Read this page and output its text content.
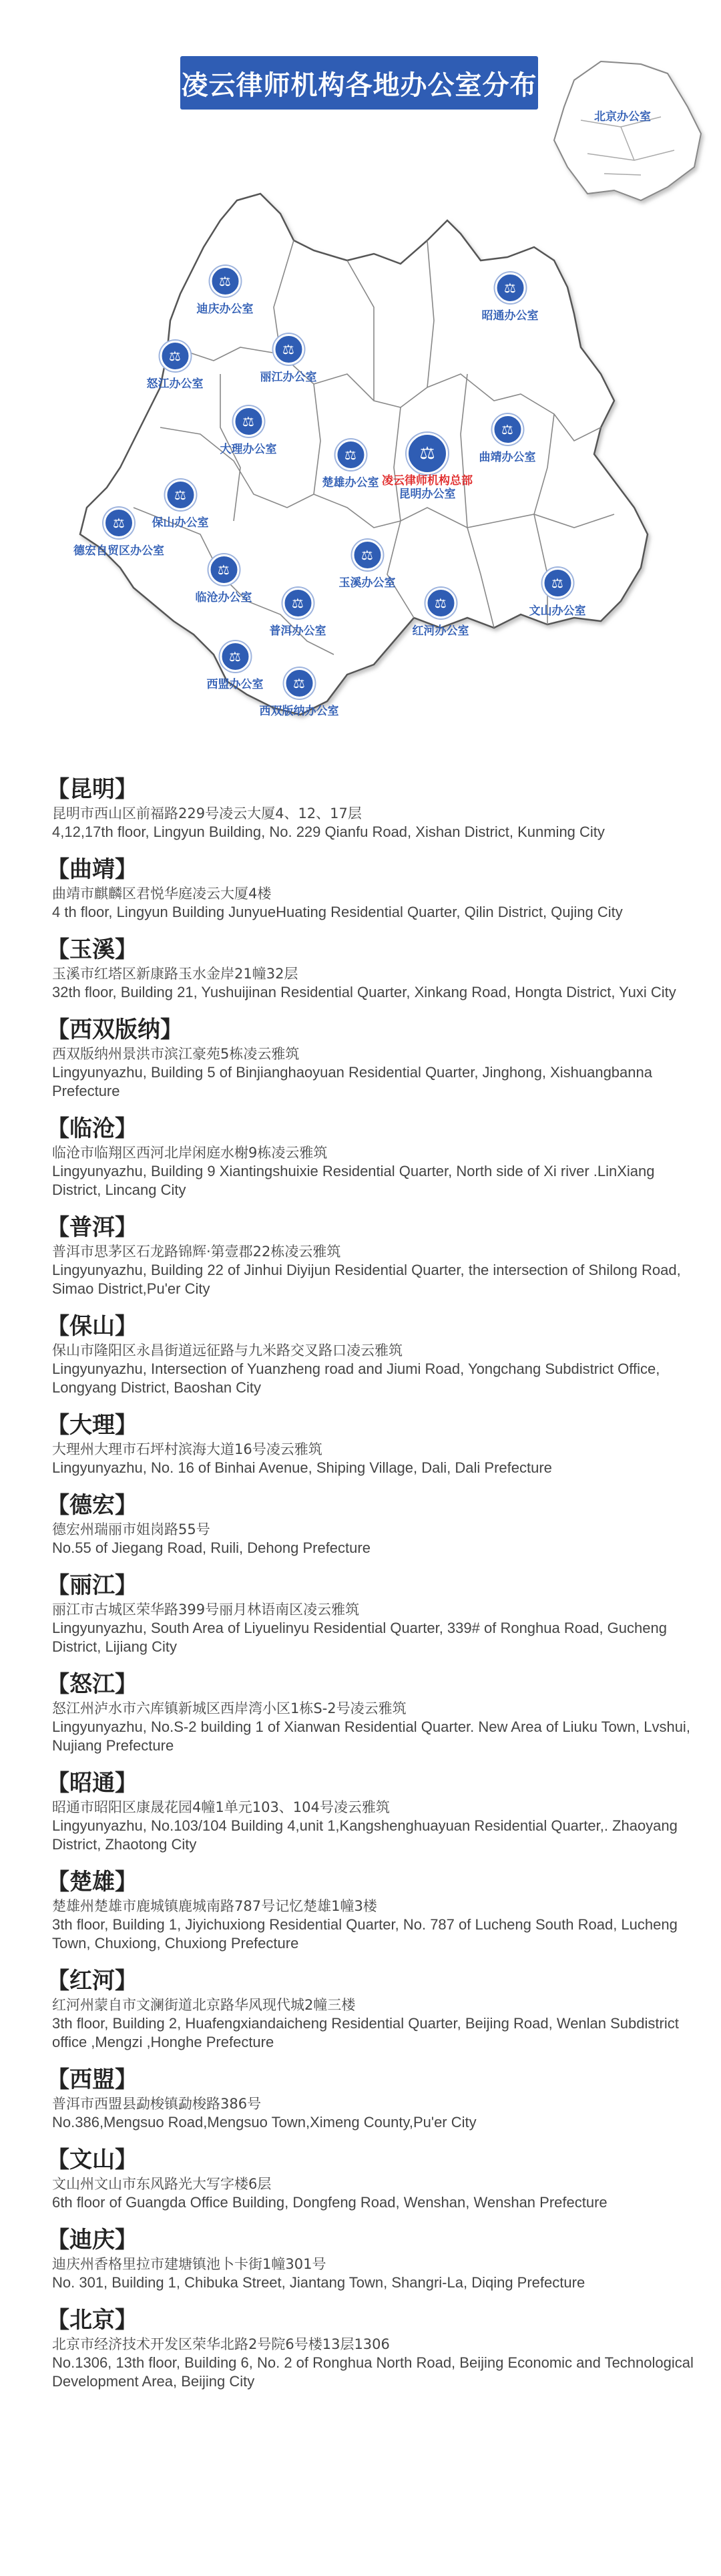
凌云律师机构各地办公室分布
北京办公室
⚖
迪庆办公室
⚖
怒江办公室
⚖
丽江办公室
⚖
昭通办公室
⚖
大理办公室
⚖
曲靖办公室
⚖
楚雄办公室
⚖
凌云律师机构总部
昆明办公室
⚖
保山办公室
⚖
德宏自贸区办公室
⚖
临沧办公室
⚖
玉溪办公室
⚖
普洱办公室
⚖
红河办公室
⚖
文山办公室
⚖
西盟办公室	⚖
西双版纳办公室
【昆明】
昆明市西山区前福路229号凌云大厦4、12、17层
4,12,17th floor, Lingyun Building, No. 229 Qianfu Road, Xishan District, Kunming City
【曲靖】
曲靖市麒麟区君悦华庭凌云大厦4楼
4 th floor, Lingyun Building JunyueHuating Residential Quarter, Qilin District, Qujing City
【玉溪】
玉溪市红塔区新康路玉水金岸21幢32层
32th floor, Building 21, Yushuijinan Residential Quarter, Xinkang Road, Hongta District, Yuxi City
【西双版纳】
西双版纳州景洪市滨江豪苑5栋凌云雅筑
Lingyunyazhu, Building 5 of Binjianghaoyuan Residential Quarter, Jinghong, Xishuangbanna Prefecture
【临沧】
临沧市临翔区西河北岸闲庭水榭9栋凌云雅筑
Lingyunyazhu, Building 9 Xiantingshuixie Residential Quarter, North side of Xi river .LinXiang District, Lincang City
【普洱】
普洱市思茅区石龙路锦辉·第壹郡22栋凌云雅筑
Lingyunyazhu, Building 22 of Jinhui Diyijun Residential Quarter, the intersection of Shilong Road, Simao District,Pu'er City
【保山】
保山市隆阳区永昌街道远征路与九米路交叉路口凌云雅筑
Lingyunyazhu, Intersection of Yuanzheng road and Jiumi Road, Yongchang Subdistrict Office, Longyang District, Baoshan City
【大理】
大理州大理市石坪村滨海大道16号凌云雅筑
Lingyunyazhu, No. 16 of Binhai Avenue, Shiping Village, Dali, Dali Prefecture
【德宏】
德宏州瑞丽市姐岗路55号
No.55 of Jiegang Road, Ruili, Dehong Prefecture
【丽江】
丽江市古城区荣华路399号丽月林语南区凌云雅筑
Lingyunyazhu, South Area of Liyuelinyu Residential Quarter, 339# of Ronghua Road, Gucheng District, Lijiang City
【怒江】
怒江州泸水市六库镇新城区西岸湾小区1栋S-2号凌云雅筑
Lingyunyazhu, No.S-2 building 1 of Xianwan Residential Quarter. New Area of Liuku Town, Lvshui, Nujiang Prefecture
【昭通】
昭通市昭阳区康晟花园4幢1单元103、104号凌云雅筑
Lingyunyazhu, No.103/104 Building 4,unit 1,Kangshenghuayuan Residential Quarter,. Zhaoyang District, Zhaotong City
【楚雄】
楚雄州楚雄市鹿城镇鹿城南路787号记忆楚雄1幢3楼
3th floor, Building 1, Jiyichuxiong Residential Quarter, No. 787 of Lucheng South Road, Lucheng Town, Chuxiong, Chuxiong Prefecture
【红河】
红河州蒙自市文澜街道北京路华风现代城2幢三楼
3th floor, Building 2, Huafengxiandaicheng Residential Quarter, Beijing Road, Wenlan Subdistrict office ,Mengzi ,Honghe Prefecture
【西盟】
普洱市西盟县勐梭镇勐梭路386号
No.386,Mengsuo Road,Mengsuo Town,Ximeng County,Pu'er City
【文山】
文山州文山市东风路光大写字楼6层
6th floor of Guangda Office Building, Dongfeng Road, Wenshan, Wenshan Prefecture
【迪庆】
迪庆州香格里拉市建塘镇池卜卡街1幢301号
No. 301, Building 1, Chibuka Street, Jiantang Town, Shangri-La, Diqing Prefecture
【北京】
北京市经济技术开发区荣华北路2号院6号楼13层1306
No.1306, 13th floor, Building 6, No. 2 of Ronghua North Road, Beijing Economic and Technological Development Area, Beijing City
